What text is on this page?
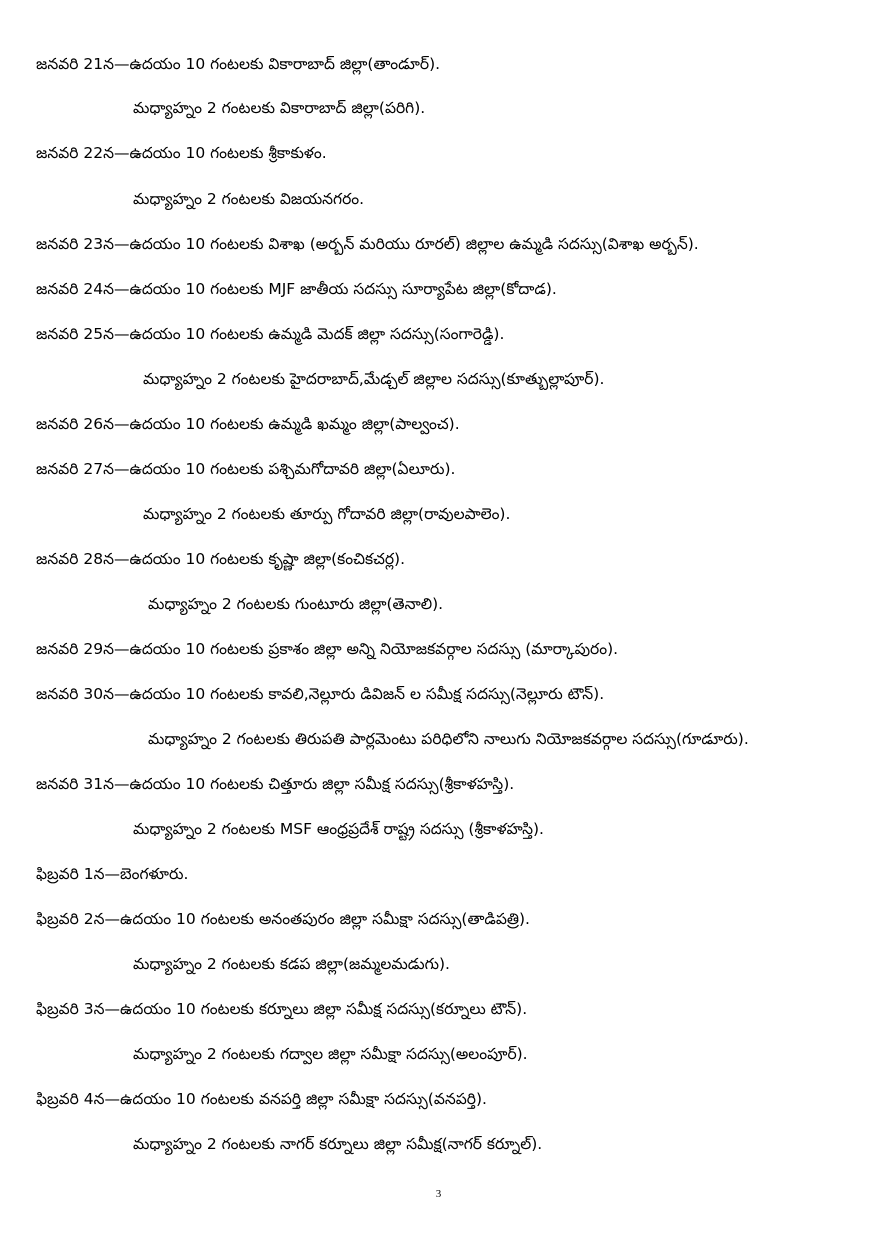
జనవరి 21న—ఉదయం 10 గంటలకు వికారాబాద్ జిల్లా(తాండూర్).
మధ్యాహ్నం 2 గంటలకు వికారాబాద్ జిల్లా(పరిగి).
జనవరి 22న—ఉదయం 10 గంటలకు శ్రీకాకుళం.
మధ్యాహ్నం 2 గంటలకు విజయనగరం.
జనవరి 23న—ఉదయం 10 గంటలకు విశాఖ (అర్బన్ మరియు రూరల్) జిల్లాల ఉమ్మడి సదస్సు(విశాఖ అర్బన్).
జనవరి 24న—ఉదయం 10 గంటలకు MJF జాతీయ సదస్సు సూర్యాపేట జిల్లా(కోదాడ).
జనవరి 25న—ఉదయం 10 గంటలకు ఉమ్మడి మెదక్ జిల్లా సదస్సు(సంగారెడ్డి).
మధ్యాహ్నం 2 గంటలకు హైదరాబాద్,మేడ్చల్ జిల్లాల సదస్సు(కూత్బుల్లాపూర్).
జనవరి 26న—ఉదయం 10 గంటలకు ఉమ్మడి ఖమ్మం జిల్లా(పాల్వంచ).
జనవరి 27న—ఉదయం 10 గంటలకు పశ్చిమగోదావరి జిల్లా(ఏలూరు).
మధ్యాహ్నం 2 గంటలకు తూర్పు గోదావరి జిల్లా(రావులపాలెం).
జనవరి 28న—ఉదయం 10 గంటలకు కృష్ణా జిల్లా(కంచికచర్ల).
మధ్యాహ్నం 2 గంటలకు గుంటూరు జిల్లా(తెనాలి).
జనవరి 29న—ఉదయం 10 గంటలకు ప్రకాశం జిల్లా అన్ని నియోజకవర్గాల సదస్సు (మార్కాపురం).
జనవరి 30న—ఉదయం 10 గంటలకు కావలి,నెల్లూరు డివిజన్ ల సమీక్ష సదస్సు(నెల్లూరు టౌన్).
మధ్యాహ్నం 2 గంటలకు తిరుపతి పార్లమెంటు పరిధిలోని నాలుగు నియోజకవర్గాల సదస్సు(గూడూరు).
జనవరి 31న—ఉదయం 10 గంటలకు చిత్తూరు జిల్లా సమీక్ష సదస్సు(శ్రీకాళహస్తి).
మధ్యాహ్నం 2 గంటలకు MSF ఆంధ్రప్రదేశ్ రాష్ట్ర సదస్సు (శ్రీకాళహస్తి).
ఫిబ్రవరి 1న—బెంగళూరు.
ఫిబ్రవరి 2న—ఉదయం 10 గంటలకు అనంతపురం జిల్లా సమీక్షా సదస్సు(తాడిపత్రి).
మధ్యాహ్నం 2 గంటలకు కడప జిల్లా(జమ్మలమడుగు).
ఫిబ్రవరి 3న—ఉదయం 10 గంటలకు కర్నూలు జిల్లా సమీక్ష సదస్సు(కర్నూలు టౌన్).
మధ్యాహ్నం 2 గంటలకు గద్వాల జిల్లా సమీక్షా సదస్సు(అలంపూర్).
ఫిబ్రవరి 4న—ఉదయం 10 గంటలకు వనపర్తి జిల్లా సమీక్షా సదస్సు(వనపర్తి).
మధ్యాహ్నం 2 గంటలకు నాగర్ కర్నూలు జిల్లా సమీక్ష(నాగర్ కర్నూల్).
3
